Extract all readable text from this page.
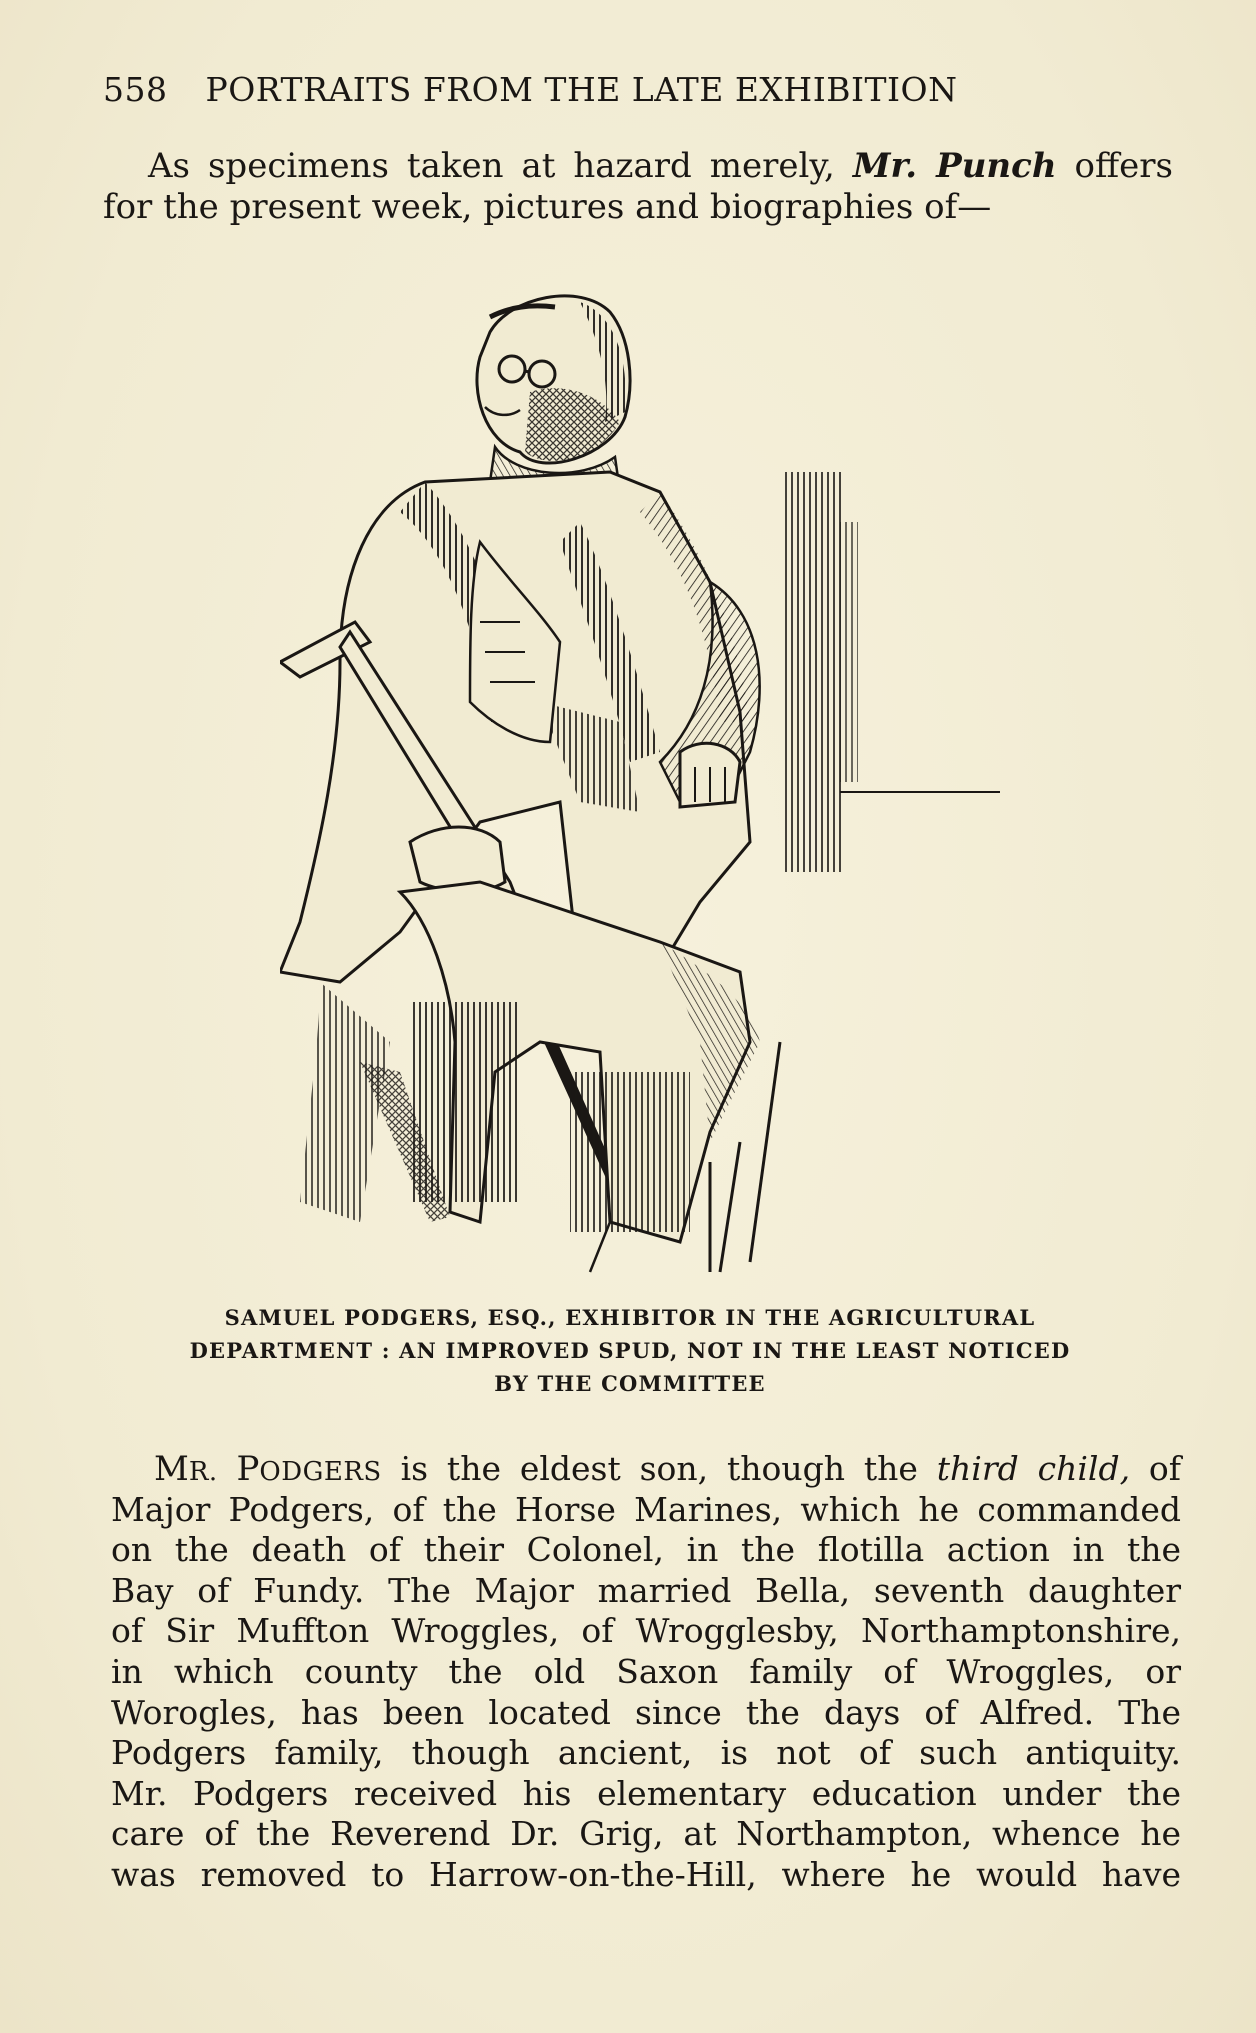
558 PORTRAITS FROM THE LATE EXHIBITION
As specimens taken at hazard merely, Mr. Punch offers for the present week, pictures and biographies of—
SAMUEL PODGERS, ESQ., EXHIBITOR IN THE AGRICULTURAL
DEPARTMENT : AN IMPROVED SPUD, NOT IN THE LEAST NOTICED
BY THE COMMITTEE
MR. PODGERS is the eldest son, though the third child, of
Major Podgers, of the Horse Marines, which he commanded
on the death of their Colonel, in the flotilla action in the
Bay of Fundy. The Major married Bella, seventh daughter
of Sir Muffton Wroggles, of Wrogglesby, Northamptonshire,
in which county the old Saxon family of Wroggles, or
Worogles, has been located since the days of Alfred. The
Podgers family, though ancient, is not of such antiquity.
Mr. Podgers received his elementary education under the
care of the Reverend Dr. Grig, at Northampton, whence he
was removed to Harrow-on-the-Hill, where he would have
